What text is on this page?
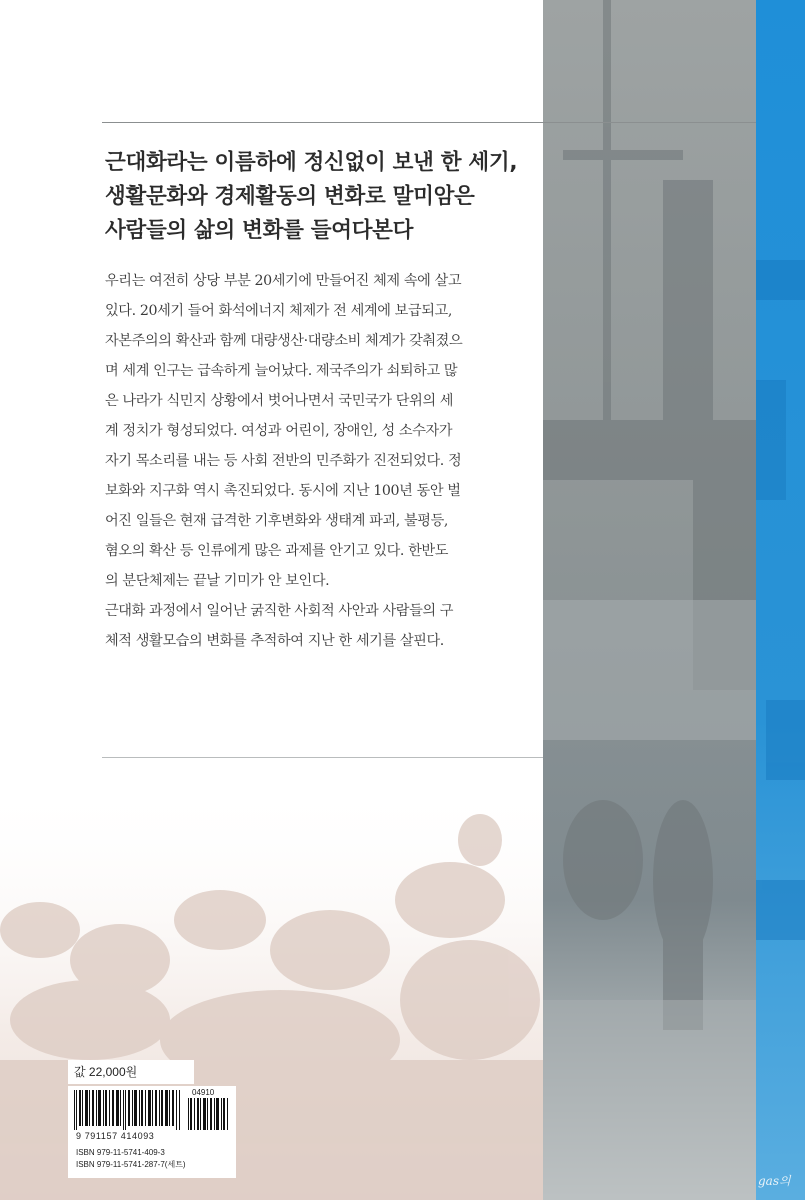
근대화라는 이름하에 정신없이 보낸 한 세기,
생활문화와 경제활동의 변화로 말미암은
사람들의 삶의 변화를 들여다본다
우리는 여전히 상당 부분 20세기에 만들어진 체제 속에 살고
있다. 20세기 들어 화석에너지 체제가 전 세계에 보급되고,
자본주의의 확산과 함께 대량생산·대량소비 체계가 갖춰졌으
며 세계 인구는 급속하게 늘어났다. 제국주의가 쇠퇴하고 많
은 나라가 식민지 상황에서 벗어나면서 국민국가 단위의 세
계 정치가 형성되었다. 여성과 어린이, 장애인, 성 소수자가
자기 목소리를 내는 등 사회 전반의 민주화가 진전되었다. 정
보화와 지구화 역시 촉진되었다. 동시에 지난 100년 동안 벌
어진 일들은 현재 급격한 기후변화와 생태계 파괴, 불평등,
혐오의 확산 등 인류에게 많은 과제를 안기고 있다. 한반도
의 분단체제는 끝날 기미가 안 보인다.
근대화 과정에서 일어난 굵직한 사회적 사안과 사람들의 구
체적 생활모습의 변화를 추적하여 지난 한 세기를 살핀다.
값 22,000원
04910
9 791157 414093
ISBN 979-11-5741-409-3
ISBN 979-11-5741-287-7(세트)
gas의
